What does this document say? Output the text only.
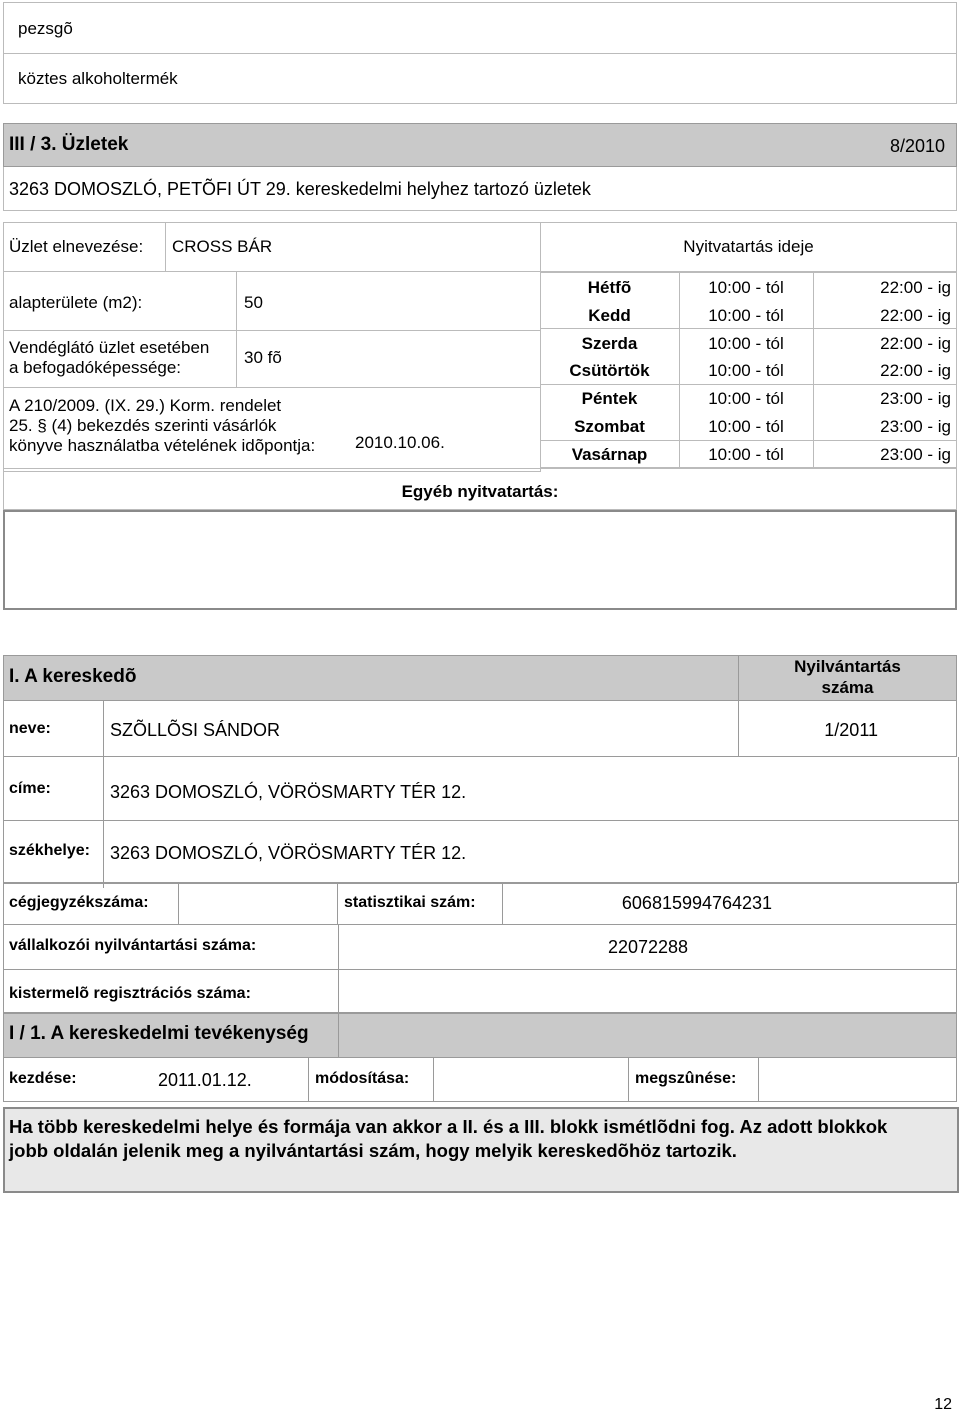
pezsgõ
köztes alkoholtermék
III / 3. Üzletek	8/2010
3263 DOMOSZLÓ, PETÕFI ÚT 29. kereskedelmi helyhez tartozó üzletek
Üzlet elnevezése: CROSS BÁR	Nyitvatartás ideje
alapterülete (m2):	50
Vendéglátó üzlet esetében
a befogadóképessége:
30 fõ
A 210/2009. (IX. 29.) Korm. rendelet
25. § (4) bekezdés szerinti vásárlók
könyve használatba vételének idõpontja: 2010.10.06.
Hétfõ	10:00 - tól	22:00 - ig
Kedd	10:00 - tól	22:00 - ig
Szerda	10:00 - tól	22:00 - ig
Csütörtök	10:00 - tól	22:00 - ig
Péntek	10:00 - tól	23:00 - ig
Szombat	10:00 - tól	23:00 - ig
Vasárnap	10:00 - tól	23:00 - ig
Egyéb nyitvatartás:
I. A kereskedõ	Nyilvántartás
száma
neve:	SZÕLLÕSI SÁNDOR	1/2011
címe:	3263 DOMOSZLÓ, VÖRÖSMARTY TÉR 12.
székhelye: 3263 DOMOSZLÓ, VÖRÖSMARTY TÉR 12.
cégjegyzékszáma:	statisztikai szám:	606815994764231
vállalkozói nyilvántartási száma:	22072288
kistermelõ regisztrációs száma:
I / 1. A kereskedelmi tevékenység
kezdése:	2011.01.12.	módosítása:	megszûnése:
Ha több kereskedelmi helye és formája van akkor a II. és a III. blokk ismétlõdni fog. Az adott blokkok jobb oldalán jelenik meg a nyilvántartási szám, hogy melyik kereskedõhöz tartozik.
12
